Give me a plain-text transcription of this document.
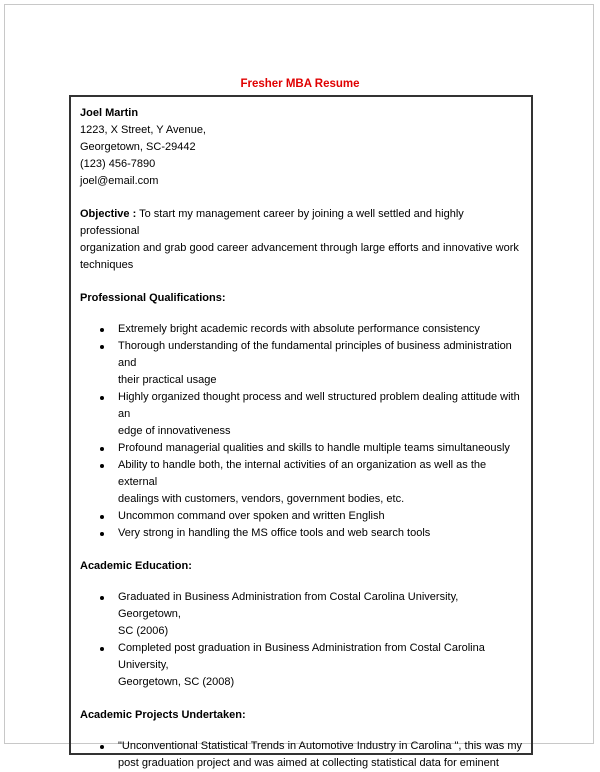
Fresher MBA Resume
Joel Martin
1223, X Street, Y Avenue,
Georgetown, SC-29442
(123) 456-7890
joel@email.com
Objective : To start my management career by joining a well settled and highly professional
organization and grab good career advancement through large efforts and innovative work
techniques
Professional Qualifications:
Extremely bright academic records with absolute performance consistency
Thorough understanding of the fundamental principles of business administration and
their practical usage
Highly organized thought process and well structured problem dealing attitude with an
edge of innovativeness
Profound managerial qualities and skills to handle multiple teams simultaneously
Ability to handle both, the internal activities of an organization as well as the external
dealings with customers, vendors, government bodies, etc.
Uncommon command over spoken and written English
Very strong in handling the MS office tools and web search tools
Academic Education:
Graduated in Business Administration from Costal Carolina University, Georgetown,
SC (2006)
Completed post graduation in Business Administration from Costal Carolina University,
Georgetown, SC (2008)
Academic Projects Undertaken:
"Unconventional Statistical Trends in Automotive Industry in Carolina ", this was my
post graduation project and was aimed at collecting statistical data for eminent
